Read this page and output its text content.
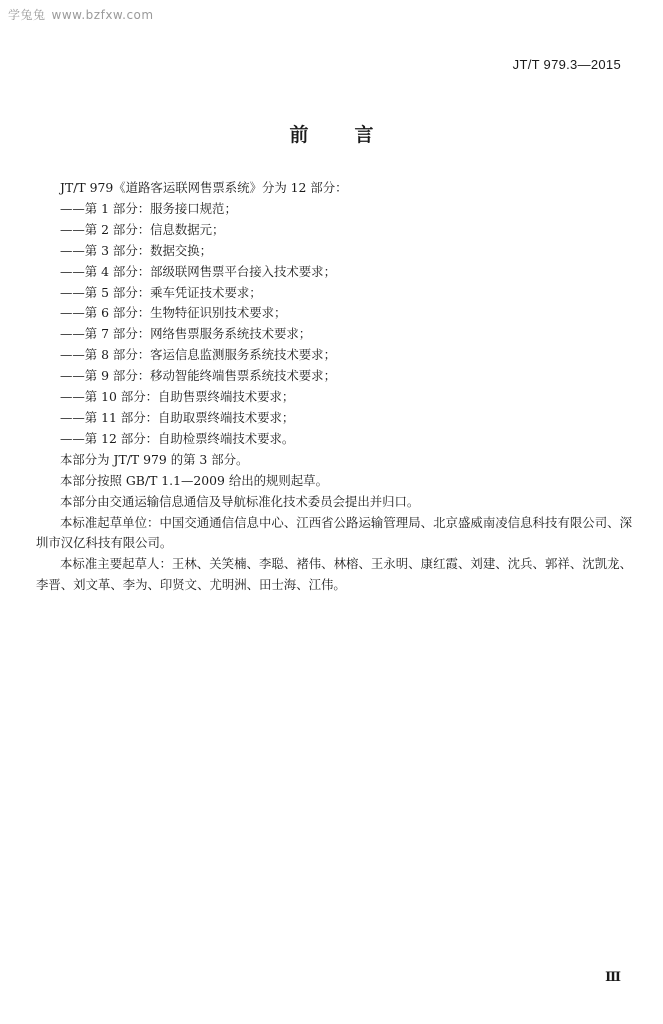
学兔兔 www.bzfxw.com
JT/T 979.3—2015
前言

JT/T 979《道路客运联网售票系统》分为 12 部分：

——第 1 部分：服务接口规范；

——第 2 部分：信息数据元；

——第 3 部分：数据交换；

——第 4 部分：部级联网售票平台接入技术要求；

——第 5 部分：乘车凭证技术要求；

——第 6 部分：生物特征识别技术要求；

——第 7 部分：网络售票服务系统技术要求；

——第 8 部分：客运信息监测服务系统技术要求；

——第 9 部分：移动智能终端售票系统技术要求；

——第 10 部分：自助售票终端技术要求；

——第 11 部分：自助取票终端技术要求；

——第 12 部分：自助检票终端技术要求。

本部分为 JT/T 979 的第 3 部分。

本部分按照 GB/T 1.1—2009 给出的规则起草。

本部分由交通运输信息通信及导航标准化技术委员会提出并归口。

本标准起草单位：中国交通通信信息中心、江西省公路运输管理局、北京盛威南凌信息科技有限公司、深圳市汉亿科技有限公司。

本标准主要起草人：王林、关笑楠、李聪、褚伟、林榕、王永明、康红霞、刘建、沈兵、郭祥、沈凯龙、李晋、刘文革、李为、印贤文、尤明洲、田士海、江伟。

Ⅲ
